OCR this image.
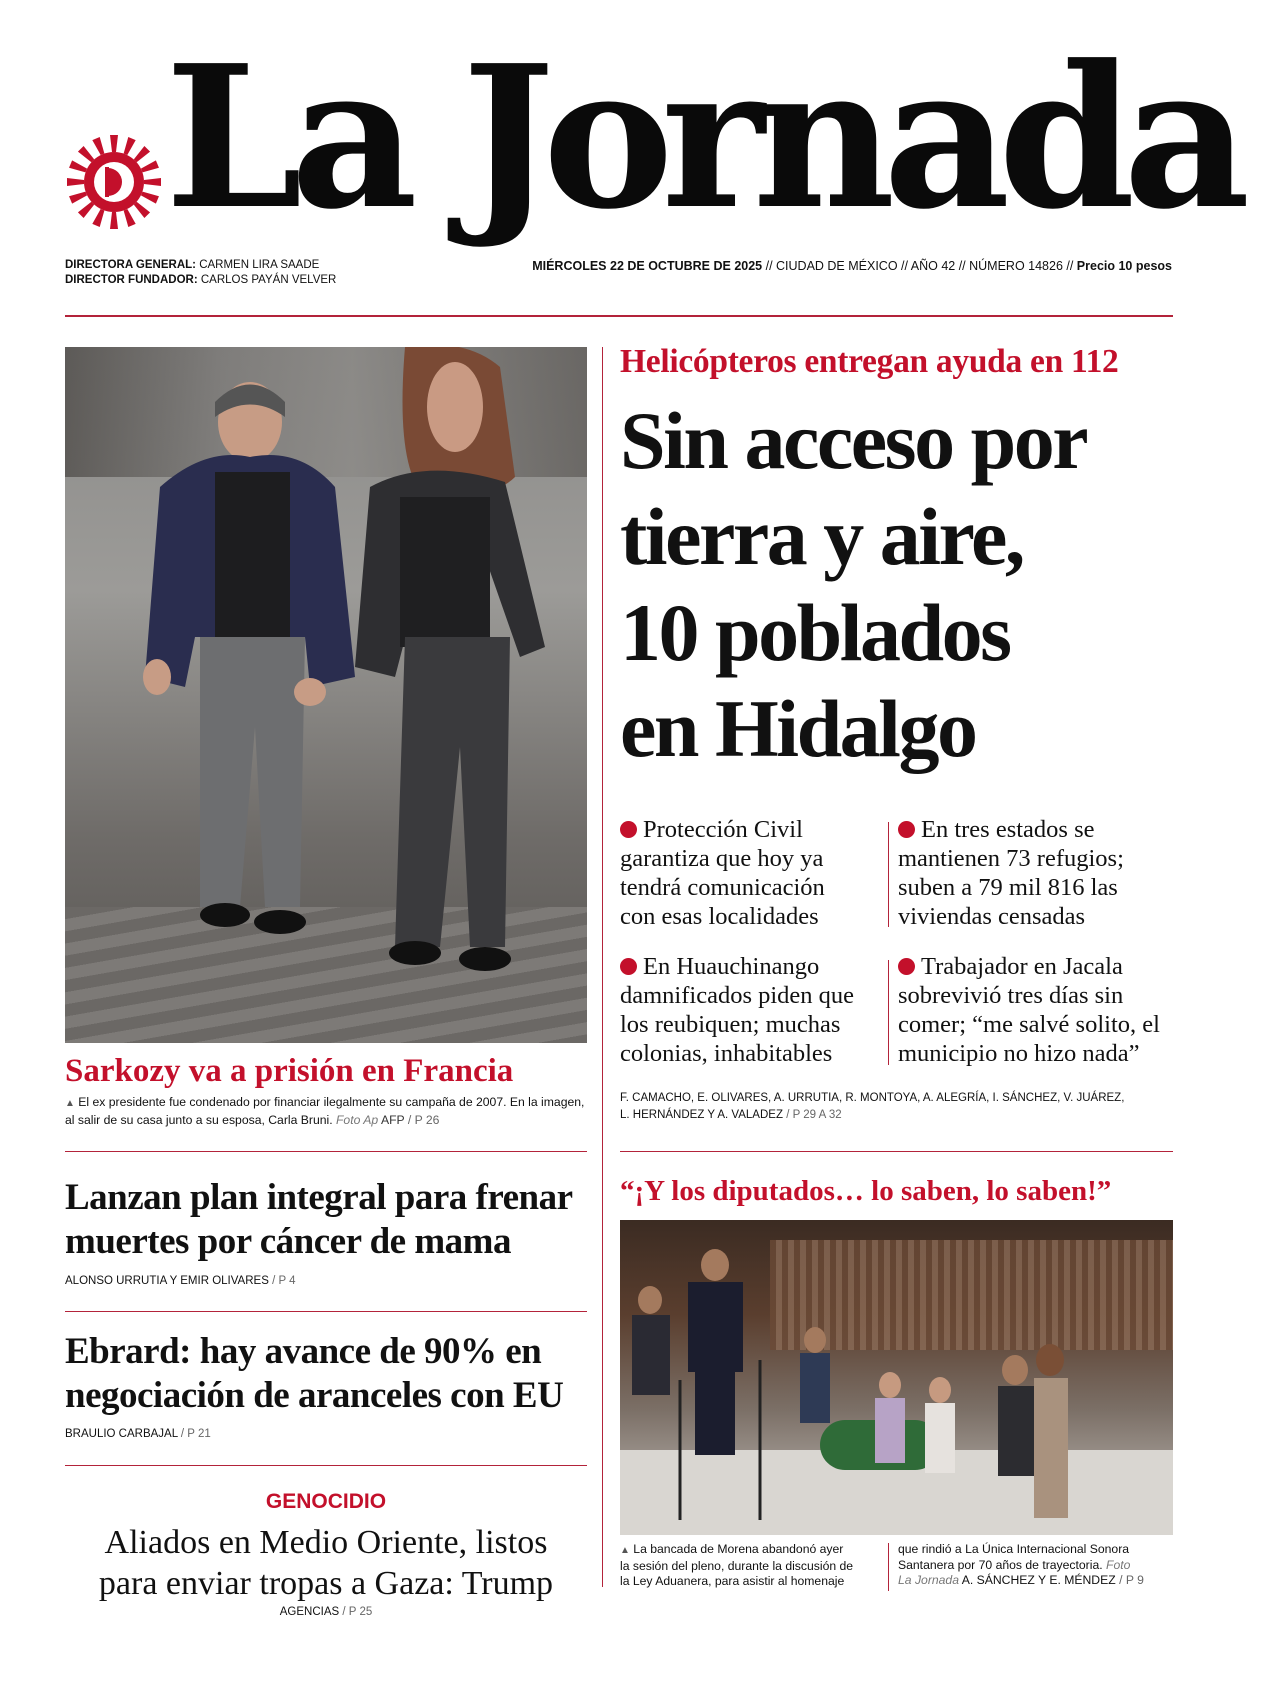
La Jornada
DIRECTORA GENERAL: CARMEN LIRA SAADE
DIRECTOR FUNDADOR: CARLOS PAYÁN VELVER
MIÉRCOLES 22 DE OCTUBRE DE 2025 // CIUDAD DE MÉXICO // AÑO 42 // NÚMERO 14826 // Precio 10 pesos
Sarkozy va a prisión en Francia
▲ El ex presidente fue condenado por financiar ilegalmente su campaña de 2007. En la imagen, al salir de su casa junto a su esposa, Carla Bruni. Foto Ap AFP / P 26
Lanzan plan integral para frenar
muertes por cáncer de mama
ALONSO URRUTIA Y EMIR OLIVARES / P 4
Ebrard: hay avance de 90% en
negociación de aranceles con EU
BRAULIO CARBAJAL / P 21
GENOCIDIO
Aliados en Medio Oriente, listos
para enviar tropas a Gaza: Trump
AGENCIAS / P 25
Helicópteros entregan ayuda en 112
Sin acceso por
tierra y aire,
10 poblados
en Hidalgo
Protección Civil
garantiza que hoy ya
tendrá comunicación
con esas localidades
En tres estados se
mantienen 73 refugios;
suben a 79 mil 816 las
viviendas censadas
En Huauchinango
damnificados piden que
los reubiquen; muchas
colonias, inhabitables
Trabajador en Jacala
sobrevivió tres días sin
comer; “me salvé solito, el
municipio no hizo nada”
F. CAMACHO, E. OLIVARES, A. URRUTIA, R. MONTOYA, A. ALEGRÍA, I. SÁNCHEZ, V. JUÁREZ,
L. HERNÁNDEZ Y A. VALADEZ / P 29 A 32
“¡Y los diputados… lo saben, lo saben!”
▲ La bancada de Morena abandonó ayer
la sesión del pleno, durante la discusión de
la Ley Aduanera, para asistir al homenaje
que rindió a La Única Internacional Sonora
Santanera por 70 años de trayectoria. Foto
La Jornada A. SÁNCHEZ Y E. MÉNDEZ / P 9
